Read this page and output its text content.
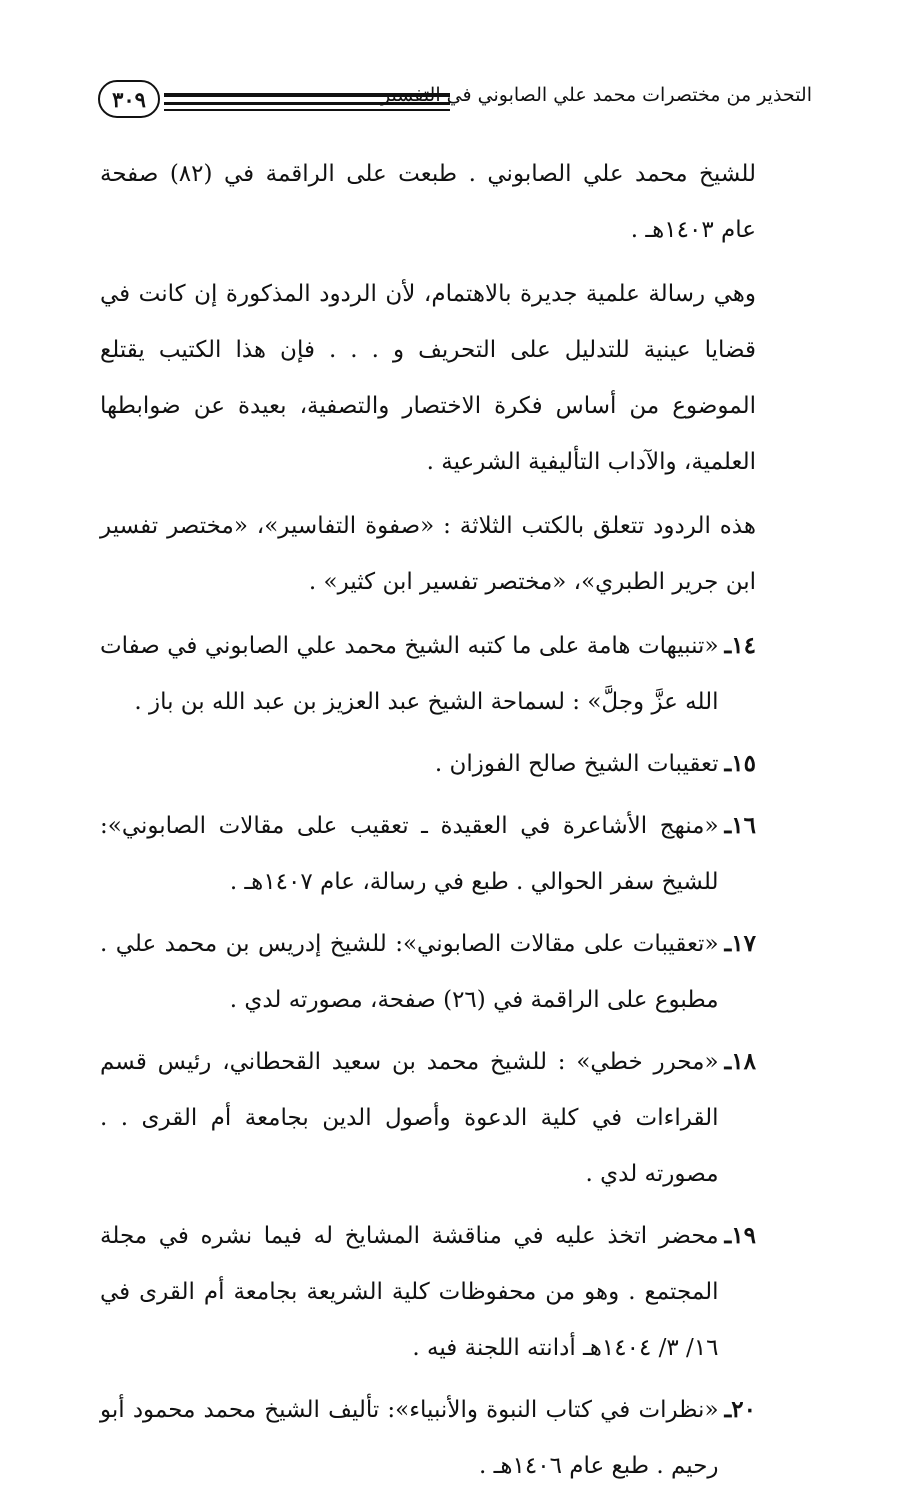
٣٠٩	التحذير من مختصرات محمد علي الصابوني في التفسير

للشيخ محمد علي الصابوني . طبعت على الراقمة في (٨٢) صفحة عام ١٤٠٣هـ .

وهي رسالة علمية جديرة بالاهتمام، لأن الردود المذكورة إن كانت في قضايا عينية للتدليل على التحريف و . . . فإن هذا الكتيب يقتلع الموضوع من أساس فكرة الاختصار والتصفية، بعيدة عن ضوابطها العلمية، والآداب التأليفية الشرعية .

هذه الردود تتعلق بالكتب الثلاثة : «صفوة التفاسير»، «مختصر تفسير ابن جرير الطبري»، «مختصر تفسير ابن كثير» .

١٤ـ
«تنبيهات هامة على ما كتبه الشيخ محمد علي الصابوني في صفات الله عزَّ وجلَّ» : لسماحة الشيخ عبد العزيز بن عبد الله بن باز .
١٥ـ
تعقيبات الشيخ صالح الفوزان .
١٦ـ
«منهج الأشاعرة في العقيدة ـ تعقيب على مقالات الصابوني»: للشيخ سفر الحوالي . طبع في رسالة، عام ١٤٠٧هـ .
١٧ـ
«تعقيبات على مقالات الصابوني»: للشيخ إدريس بن محمد علي . مطبوع على الراقمة في (٢٦) صفحة، مصورته لدي .
١٨ـ
«محرر خطي» : للشيخ محمد بن سعيد القحطاني، رئيس قسم القراءات في كلية الدعوة وأصول الدين بجامعة أم القرى . . مصورته لدي .
١٩ـ
محضر اتخذ عليه في مناقشة المشايخ له فيما نشره في مجلة المجتمع . وهو من محفوظات كلية الشريعة بجامعة أم القرى في ١٦/ ٣/ ١٤٠٤هـ أدانته اللجنة فيه .
٢٠ـ
«نظرات في كتاب النبوة والأنبياء»: تأليف الشيخ محمد محمود أبو رحيم . طبع عام ١٤٠٦هـ .
